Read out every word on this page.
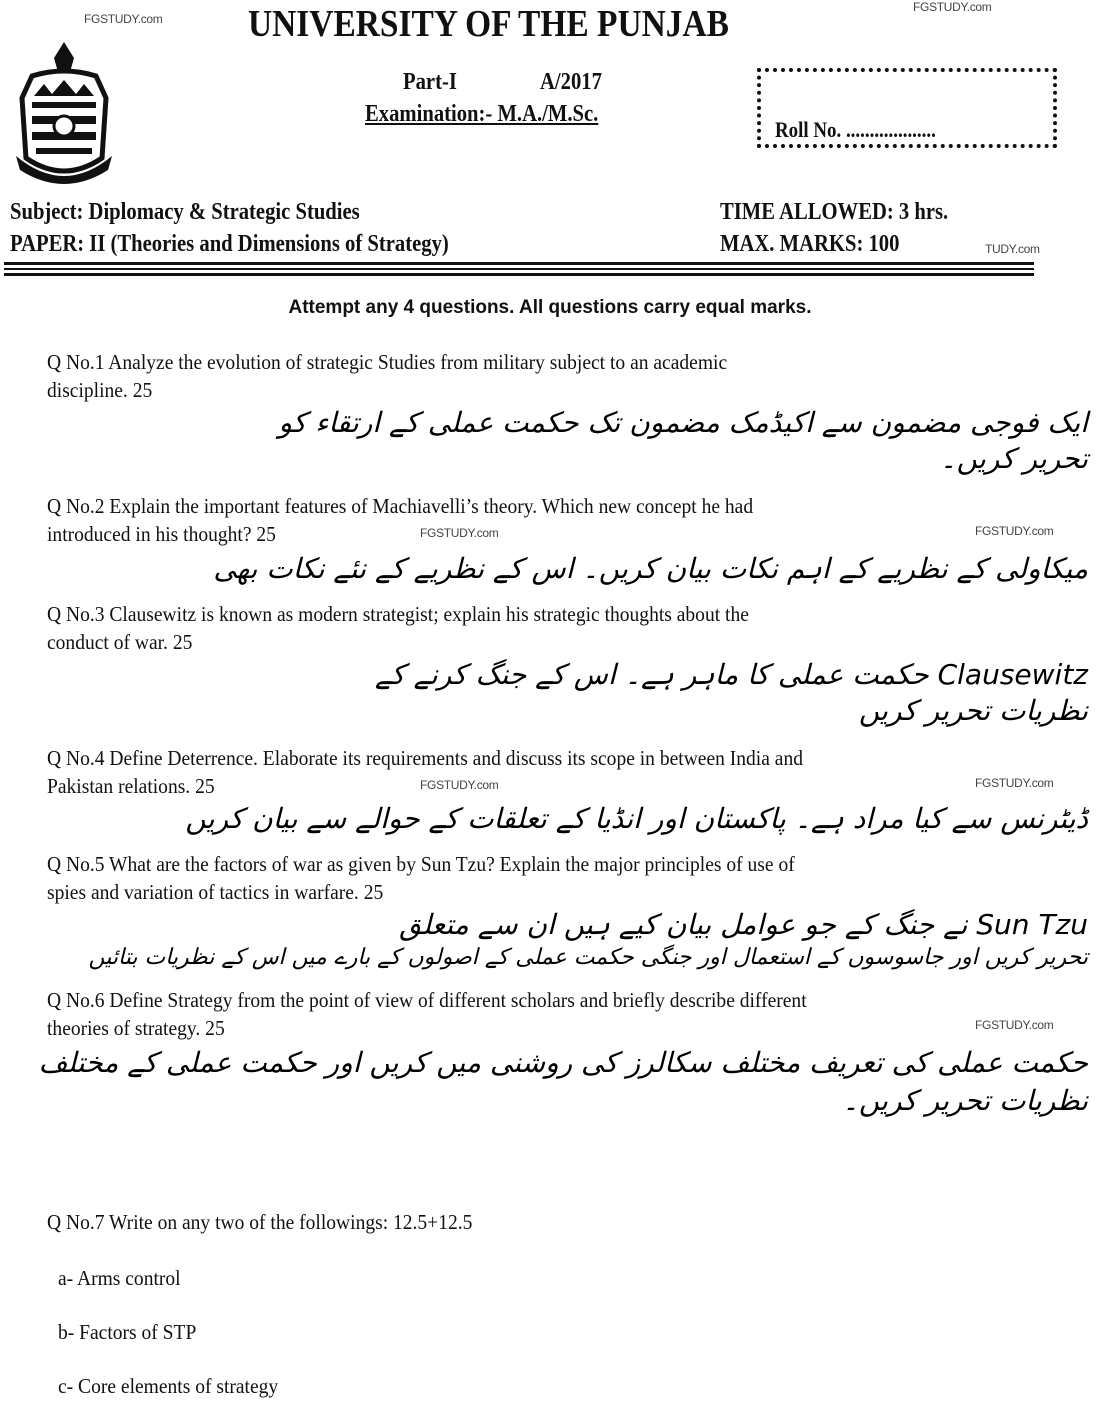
FGSTUDY.com
FGSTUDY.com
FGSTUDY.com
FGSTUDY.com
FGSTUDY.com
FGSTUDY.com
FGSTUDY.com
TUDY.com
UNIVERSITY OF THE PUNJAB
Part-I	A/2017
Examination:- M.A./M.Sc.
Roll No. ...................
Subject: Diplomacy & Strategic Studies
PAPER: II (Theories and Dimensions of Strategy)
TIME ALLOWED: 3 hrs.
MAX. MARKS: 100
Attempt any 4 questions. All questions carry equal marks.
Q No.1 Analyze the evolution of strategic Studies from military subject to an academic
discipline. 25
ایک فوجی مضمون سے اکیڈمک مضمون تک حکمت عملی کے ارتقاء کو
تحریر کریں۔
Q No.2 Explain the important features of Machiavelli’s theory. Which new concept he had
introduced in his thought? 25
میکاولی کے نظریے کے اہم نکات بیان کریں۔ اس کے نظریے کے نئے نکات بھی
Q No.3 Clausewitz is known as modern strategist; explain his strategic thoughts about the
conduct of war. 25
Clausewitz حکمت عملی کا ماہر ہے۔ اس کے جنگ کرنے کے
نظریات تحریر کریں
Q No.4 Define Deterrence. Elaborate its requirements and discuss its scope in between India and
Pakistan relations. 25
ڈیٹرنس سے کیا مراد ہے۔ پاکستان اور انڈیا کے تعلقات کے حوالے سے بیان کریں
Q No.5 What are the factors of war as given by Sun Tzu? Explain the major principles of use of
spies and variation of tactics in warfare. 25
Sun Tzu نے جنگ کے جو عوامل بیان کیے ہیں ان سے متعلق
تحریر کریں اور جاسوسوں کے استعمال اور جنگی حکمت عملی کے اصولوں کے بارے میں اس کے نظریات بتائیں
Q No.6 Define Strategy from the point of view of different scholars and briefly describe different
theories of strategy. 25
حکمت عملی کی تعریف مختلف سکالرز کی روشنی میں کریں اور حکمت عملی کے مختلف
نظریات تحریر کریں۔
Q No.7 Write on any two of the followings: 12.5+12.5
a- Arms control
b- Factors of STP
c- Core elements of strategy
